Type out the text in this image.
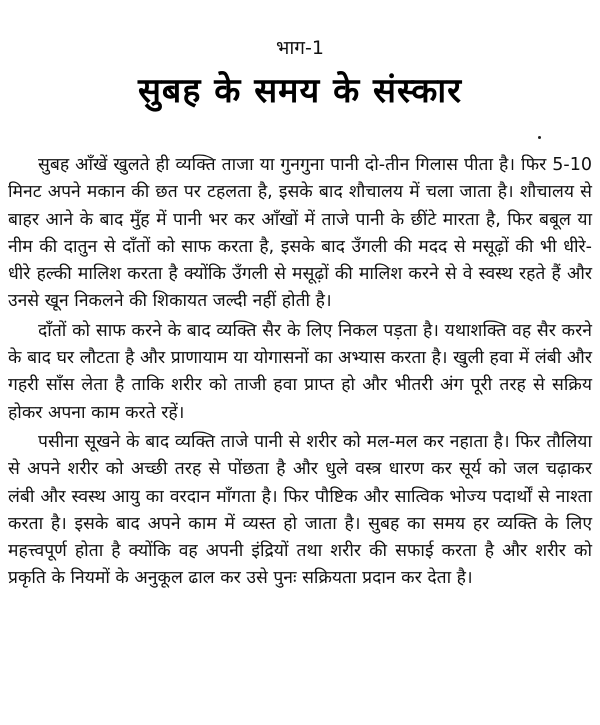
भाग-1
सुबह के समय के संस्कार

सुबह आँखें खुलते ही व्यक्ति ताजा या गुनगुना पानी दो-तीन गिलास पीता है। फिर 5-10 मिनट अपने मकान की छत पर टहलता है, इसके बाद शौचालय में चला जाता है। शौचालय से बाहर आने के बाद मुँह में पानी भर कर आँखों में ताजे पानी के छींटे मारता है, फिर बबूल या नीम की दातुन से दाँतों को साफ करता है, इसके बाद उँगली की मदद से मसूढ़ों की भी धीरे-धीरे हल्की मालिश करता है क्योंकि उँगली से मसूढ़ों की मालिश करने से वे स्वस्थ रहते हैं और उनसे खून निकलने की शिकायत जल्दी नहीं होती है।

दाँतों को साफ करने के बाद व्यक्ति सैर के लिए निकल पड़ता है। यथाशक्ति वह सैर करने के बाद घर लौटता है और प्राणायाम या योगासनों का अभ्यास करता है। खुली हवा में लंबी और गहरी साँस लेता है ताकि शरीर को ताजी हवा प्राप्त हो और भीतरी अंग पूरी तरह से सक्रिय होकर अपना काम करते रहें।

पसीना सूखने के बाद व्यक्ति ताजे पानी से शरीर को मल-मल कर नहाता है। फिर तौलिया से अपने शरीर को अच्छी तरह से पोंछता है और धुले वस्त्र धारण कर सूर्य को जल चढ़ाकर लंबी और स्वस्थ आयु का वरदान माँगता है। फिर पौष्टिक और सात्विक भोज्य पदार्थों से नाश्ता करता है। इसके बाद अपने काम में व्यस्त हो जाता है। सुबह का समय हर व्यक्ति के लिए महत्त्वपूर्ण होता है क्योंकि वह अपनी इंद्रियों तथा शरीर की सफाई करता है और शरीर को प्रकृति के नियमों के अनुकूल ढाल कर उसे पुनः सक्रियता प्रदान कर देता है।
